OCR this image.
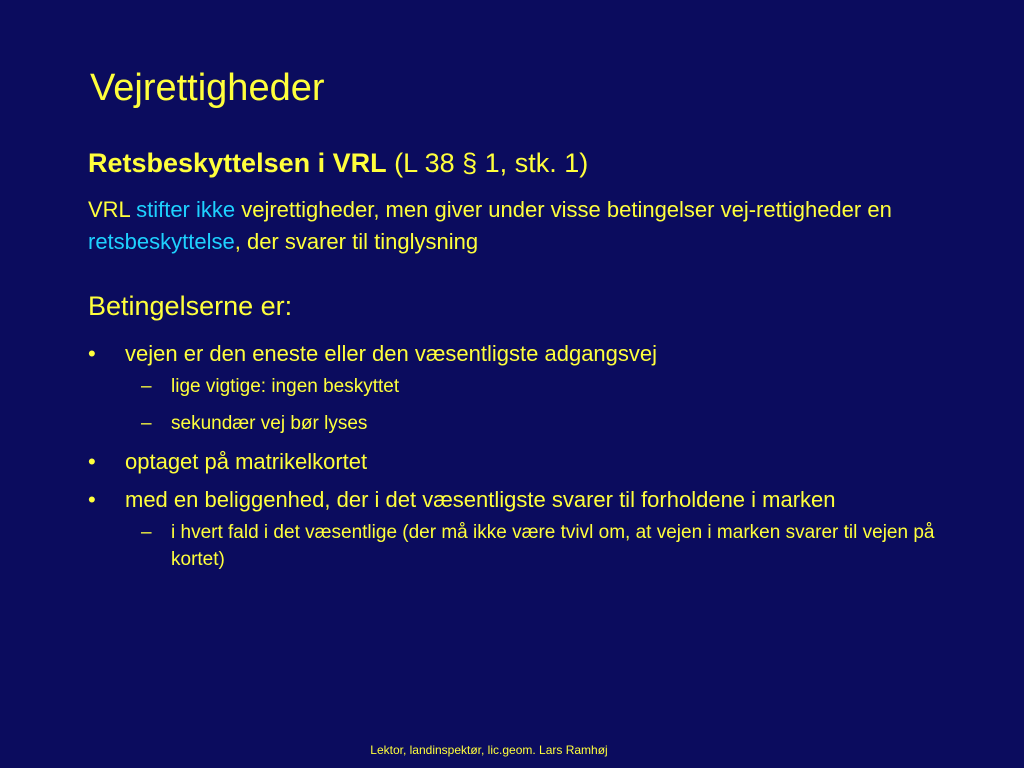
Vejrettigheder
Retsbeskyttelsen i VRL (L 38 § 1, stk. 1)
VRL stifter ikke vejrettigheder, men giver under visse betingelser vej-rettigheder en retsbeskyttelse, der svarer til tinglysning
Betingelserne er:
• vejen er den eneste eller den væsentligste adgangsvej
– lige vigtige: ingen beskyttet
– sekundær vej bør lyses
• optaget på matrikelkortet
• med en beliggenhed, der i det væsentligste svarer til forholdene i marken
– i hvert fald i det væsentlige (der må ikke være tvivl om, at vejen i marken svarer til vejen på kortet)
Lektor, landinspektør, lic.geom. Lars Ramhøj
